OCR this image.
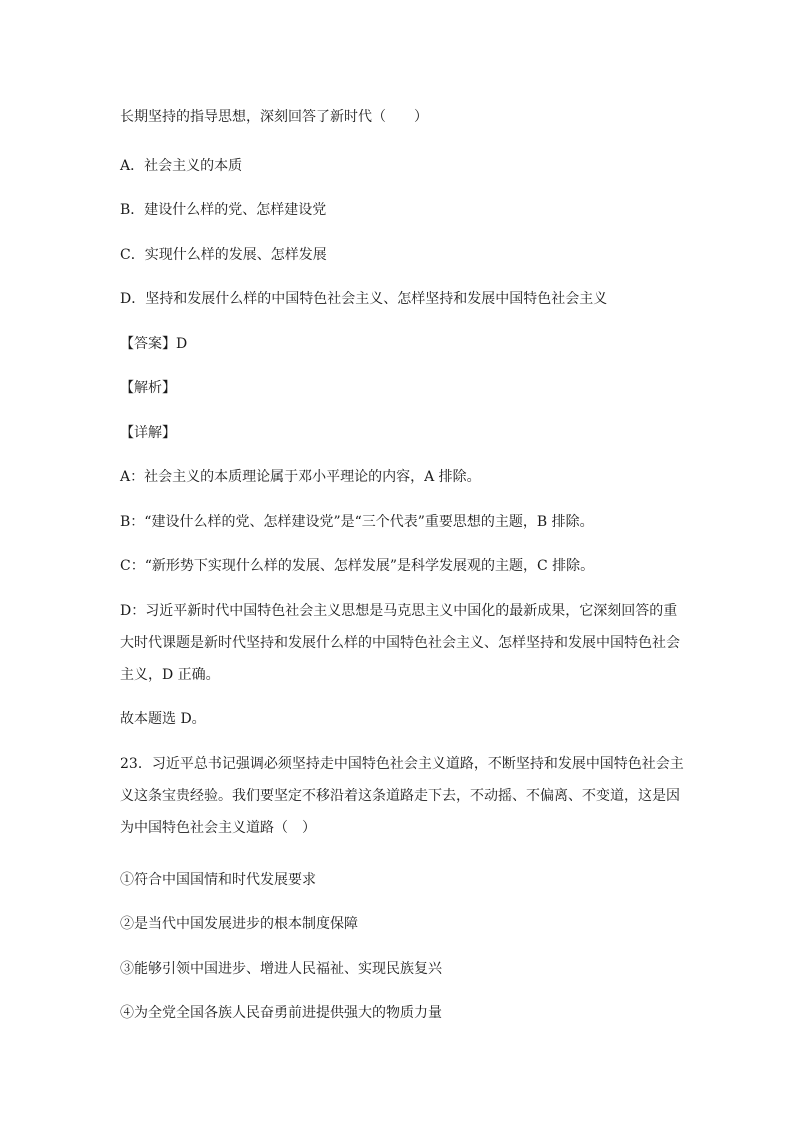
长期坚持的指导思想，深刻回答了新时代（　　）
A．社会主义的本质
B．建设什么样的党、怎样建设党
C．实现什么样的发展、怎样发展
D．坚持和发展什么样的中国特色社会主义、怎样坚持和发展中国特色社会主义
【答案】D
【解析】
【详解】
A：社会主义的本质理论属于邓小平理论的内容，A 排除。
B：“建设什么样的党、怎样建设党”是“三个代表”重要思想的主题，B 排除。
C：“新形势下实现什么样的发展、怎样发展”是科学发展观的主题，C 排除。
D：习近平新时代中国特色社会主义思想是马克思主义中国化的最新成果，它深刻回答的重
大时代课题是新时代坚持和发展什么样的中国特色社会主义、怎样坚持和发展中国特色社会
主义，D 正确。
故本题选 D。
23．习近平总书记强调必须坚持走中国特色社会主义道路，不断坚持和发展中国特色社会主
义这条宝贵经验。我们要坚定不移沿着这条道路走下去，不动摇、不偏离、不变道，这是因
为中国特色社会主义道路（　）
①符合中国国情和时代发展要求
②是当代中国发展进步的根本制度保障
③能够引领中国进步、增进人民福祉、实现民族复兴
④为全党全国各族人民奋勇前进提供强大的物质力量
